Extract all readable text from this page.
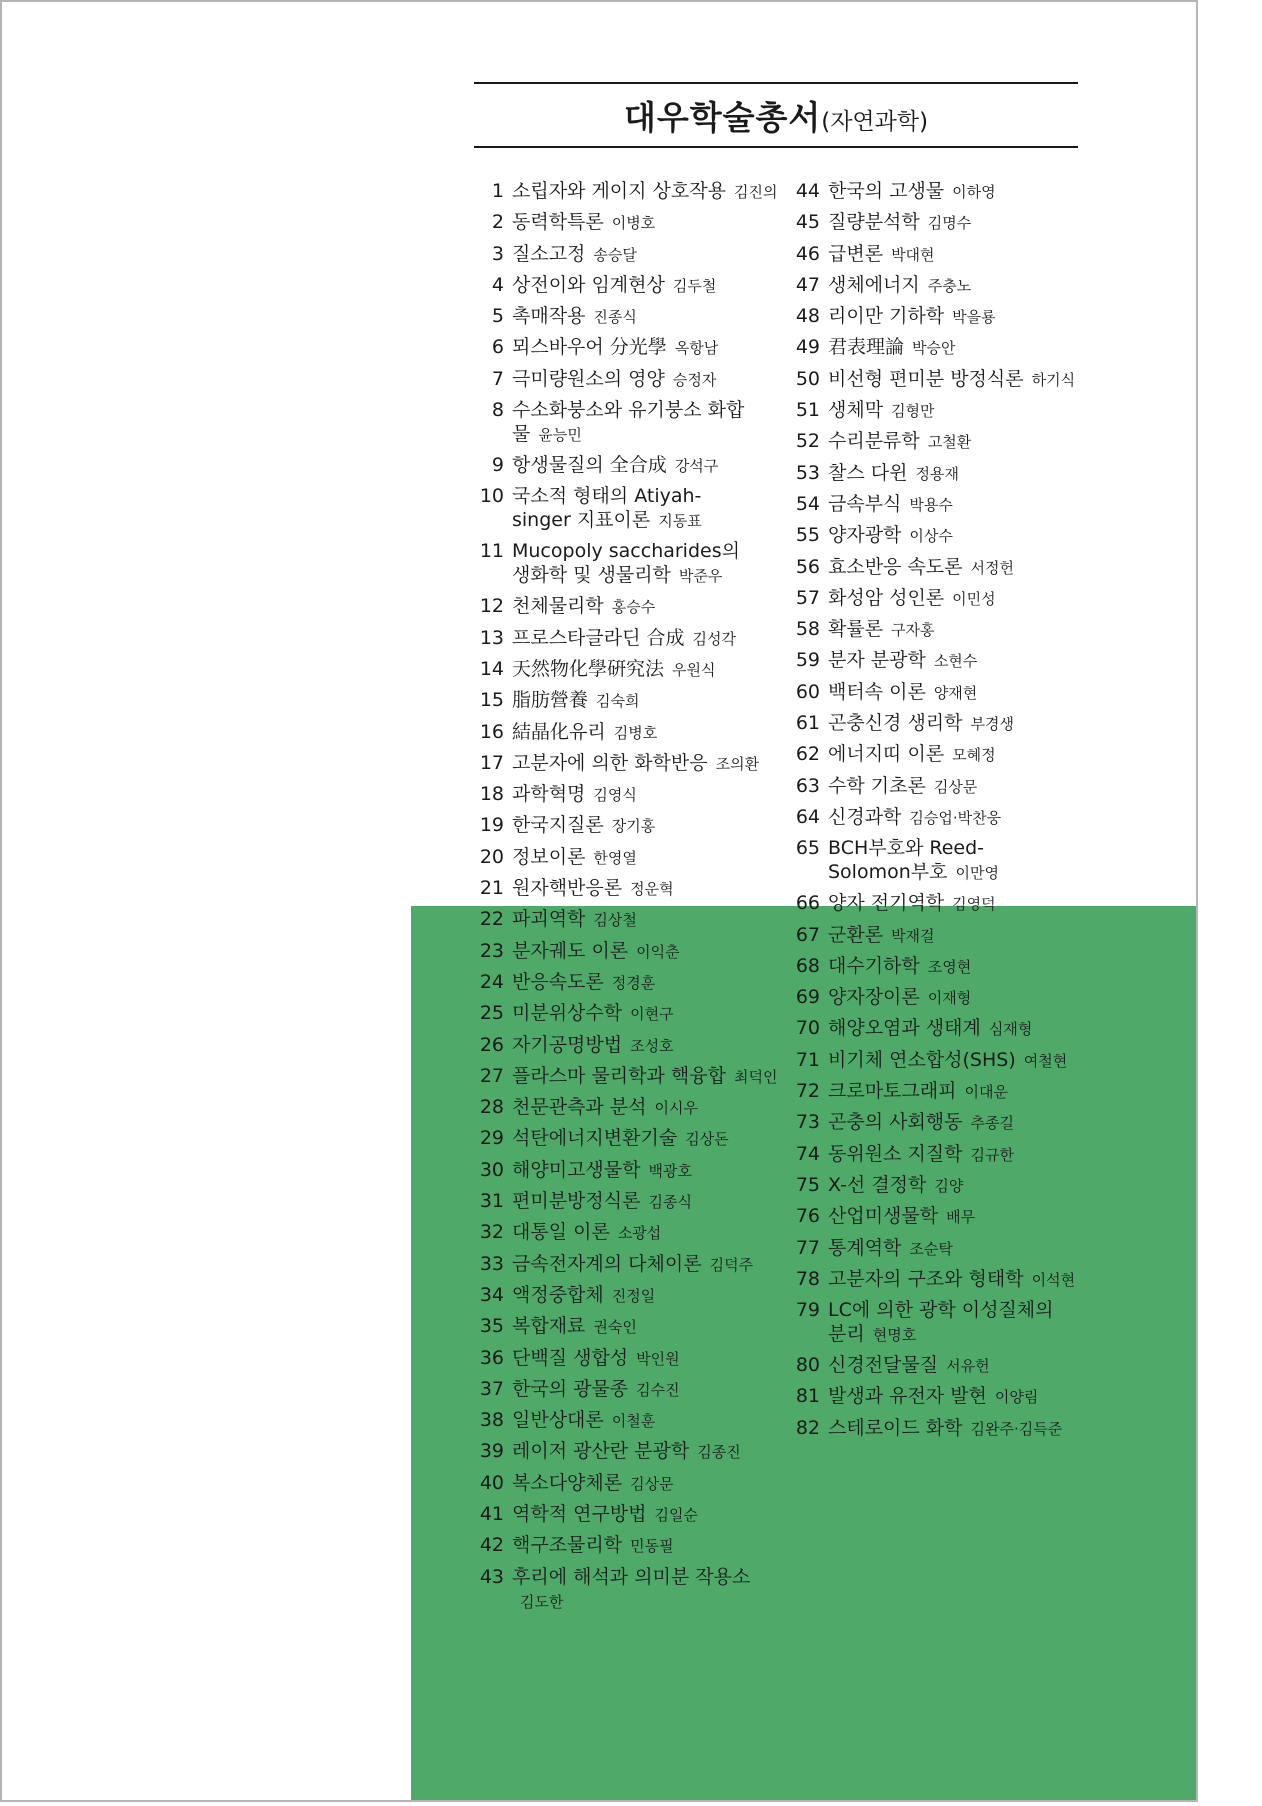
대우학술총서(자연과학)
1 소립자와 게이지 상호작용 김진의
2 동력학특론 이병호
3 질소고정 송승달
4 상전이와 임계현상 김두철
5 촉매작용 진종식
6 뫼스바우어 分光學 옥항남
7 극미량원소의 영양 승정자
8 수소화붕소와 유기붕소 화합물 윤능민
9 항생물질의 全合成 강석구
10 국소적 형태의 Atiyah-singer 지표이론 지동표
11 Mucopoly saccharides의 생화학 및 생물리학 박준우
12 천체물리학 홍승수
13 프로스타글라딘 合成 김성각
14 天然物化學硏究法 우원식
15 脂肪營養 김숙희
16 結晶化유리 김병호
17 고분자에 의한 화학반응 조의환
18 과학혁명 김영식
19 한국지질론 장기홍
20 정보이론 한영열
21 원자핵반응론 정운혁
22 파괴역학 김상철
23 분자궤도 이론 이익춘
24 반응속도론 정경훈
25 미분위상수학 이현구
26 자기공명방법 조성호
27 플라스마 물리학과 핵융합 최덕인
28 천문관측과 분석 이시우
29 석탄에너지변환기술 김상돈
30 해양미고생물학 백광호
31 편미분방정식론 김종식
32 대통일 이론 소광섭
33 금속전자계의 다체이론 김덕주
34 액정중합체 진정일
35 복합재료 권숙인
36 단백질 생합성 박인원
37 한국의 광물종 김수진
38 일반상대론 이철훈
39 레이저 광산란 분광학 김종진
40 복소다양체론 김상문
41 역학적 연구방법 김일순
42 핵구조물리학 민동필
43 후리에 해석과 의미분 작용소김도한
44 한국의 고생물 이하영
45 질량분석학 김명수
46 급변론 박대현
47 생체에너지 주충노
48 리이만 기하학 박을룡
49 君表理論 박승안
50 비선형 편미분 방정식론 하기식
51 생체막 김형만
52 수리분류학 고철환
53 찰스 다윈 정용재
54 금속부식 박용수
55 양자광학 이상수
56 효소반응 속도론 서정헌
57 화성암 성인론 이민성
58 확률론 구자홍
59 분자 분광학 소현수
60 백터속 이론 양재현
61 곤충신경 생리학 부경생
62 에너지띠 이론 모혜정
63 수학 기초론 김상문
64 신경과학 김승업·박찬웅
65 BCH부호와 Reed-Solomon부호 이만영
66 양자 전기역학 김영덕
67 군환론 박재걸
68 대수기하학 조영현
69 양자장이론 이재형
70 해양오염과 생태계 심재형
71 비기체 연소합성(SHS) 여철현
72 크로마토그래피 이대운
73 곤충의 사회행동 추종길
74 동위원소 지질학 김규한
75 X-선 결정학 김양
76 산업미생물학 배무
77 통계역학 조순탁
78 고분자의 구조와 형태학 이석현
79 LC에 의한 광학 이성질체의 분리 현명호
80 신경전달물질 서유헌
81 발생과 유전자 발현 이양림
82 스테로이드 화학 김완주·김득준
